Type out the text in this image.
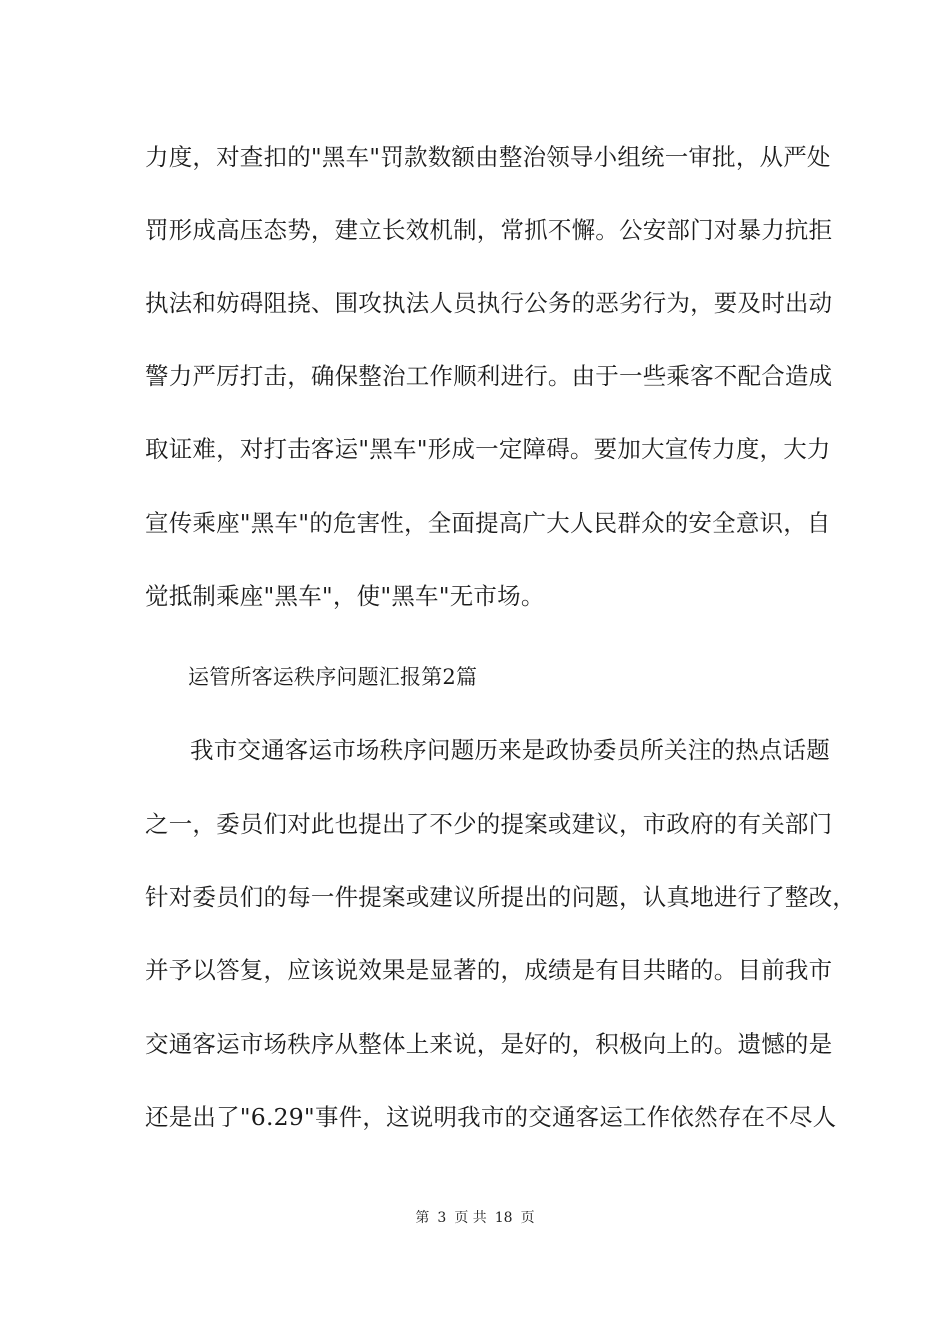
力度，对查扣的"黑车"罚款数额由整治领导小组统一审批，从严处
罚形成高压态势，建立长效机制，常抓不懈。公安部门对暴力抗拒
执法和妨碍阻挠、围攻执法人员执行公务的恶劣行为，要及时出动
警力严厉打击，确保整治工作顺利进行。由于一些乘客不配合造成
取证难，对打击客运"黑车"形成一定障碍。要加大宣传力度，大力
宣传乘座"黑车"的危害性，全面提高广大人民群众的安全意识，自
觉抵制乘座"黑车"，使"黑车"无市场。
运管所客运秩序问题汇报第2篇
我市交通客运市场秩序问题历来是政协委员所关注的热点话题
之一，委员们对此也提出了不少的提案或建议，市政府的有关部门
针对委员们的每一件提案或建议所提出的问题，认真地进行了整改，
并予以答复，应该说效果是显著的，成绩是有目共睹的。目前我市
交通客运市场秩序从整体上来说，是好的，积极向上的。遗憾的是
还是出了"6.29"事件，这说明我市的交通客运工作依然存在不尽人
第 3 页 共 18 页
